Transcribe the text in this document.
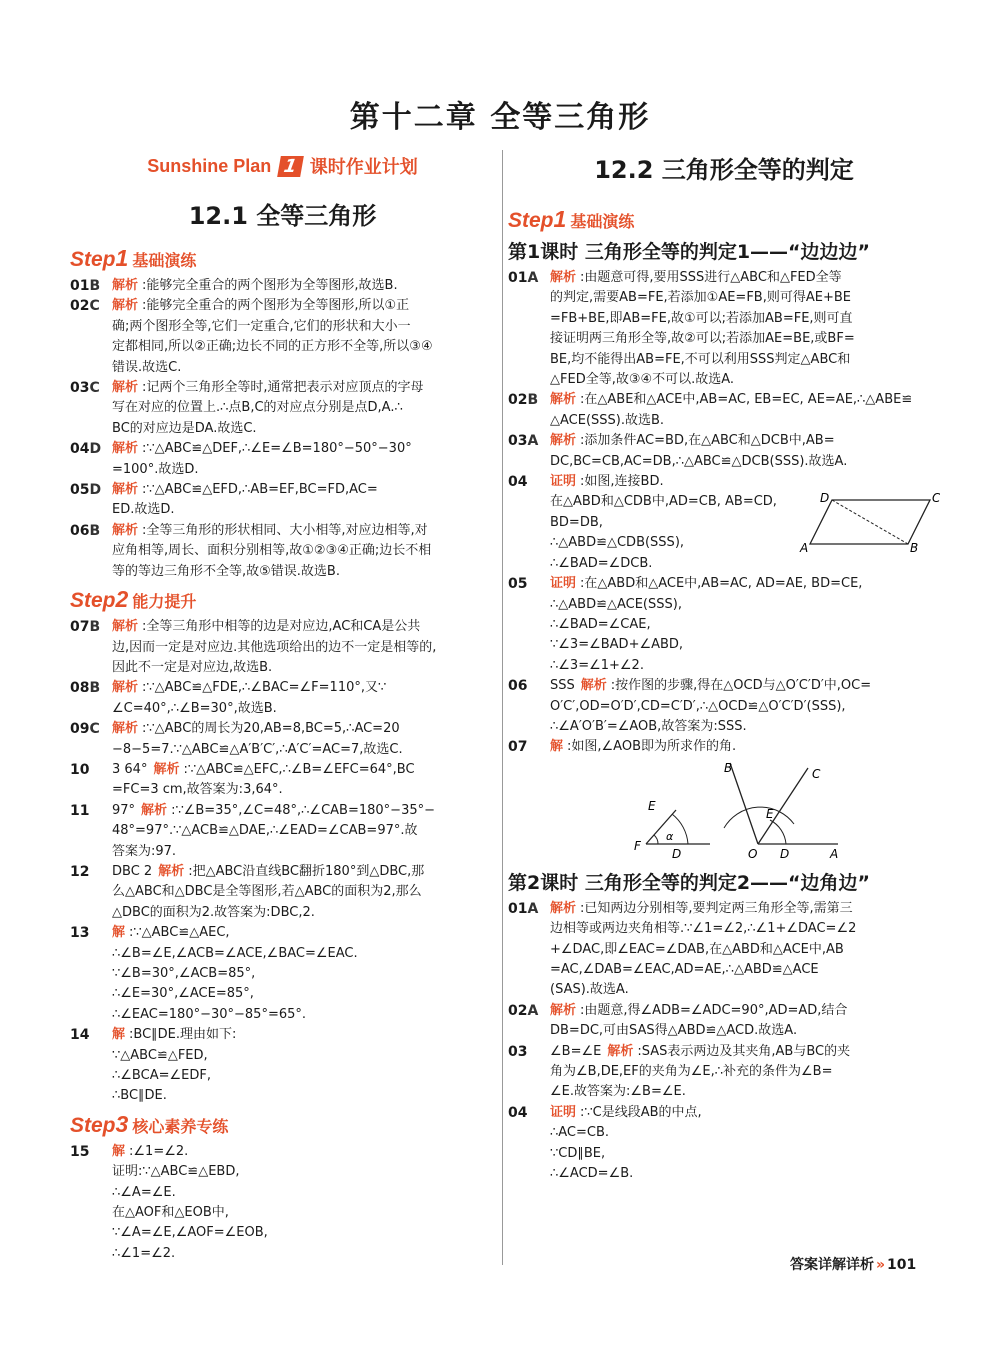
第十二章 全等三角形
Sunshine Plan 1 课时作业计划
12.1 全等三角形
Step 1 基础演练
01B 解析 :能够完全重合的两个图形为全等图形,故选B.
02C 解析 :能够完全重合的两个图形为全等图形,所以①正
确;两个图形全等,它们一定重合,它们的形状和大小一
定都相同,所以②正确;边长不同的正方形不全等,所以③④
错误.故选C.
03C 解析 :记两个三角形全等时,通常把表示对应顶点的字母
写在对应的位置上.∴点B,C的对应点分别是点D,A.∴
BC的对应边是DA.故选C.
04D 解析 :∵△ABC≌△DEF,∴∠E=∠B=180°−50°−30°
=100°.故选D.
05D 解析 :∵△ABC≌△EFD,∴AB=EF,BC=FD,AC=
ED.故选D.
06B 解析 :全等三角形的形状相同、大小相等,对应边相等,对
应角相等,周长、面积分别相等,故①②③④正确;边长不相
等的等边三角形不全等,故⑤错误.故选B.
Step 2 能力提升
07B 解析 :全等三角形中相等的边是对应边,AC和CA是公共
边,因而一定是对应边.其他选项给出的边不一定是相等的,
因此不一定是对应边,故选B.
08B 解析 :∵△ABC≌△FDE,∴∠BAC=∠F=110°,又∵
∠C=40°,∴∠B=30°,故选B.
09C 解析 :∵△ABC的周长为20,AB=8,BC=5,∴AC=20
−8−5=7.∵△ABC≌△A′B′C′,∴A′C′=AC=7,故选C.
10	3 64° 解析 :∵△ABC≌△EFC,∴∠B=∠EFC=64°,BC
=FC=3 cm,故答案为:3,64°.
11	97° 解析 :∵∠B=35°,∠C=48°,∴∠CAB=180°−35°−
48°=97°.∵△ACB≌△DAE,∴∠EAD=∠CAB=97°.故
答案为:97.
12	DBC 2 解析 :把△ABC沿直线BC翻折180°到△DBC,那
么△ABC和△DBC是全等图形,若△ABC的面积为2,那么
△DBC的面积为2.故答案为:DBC,2.
13	解 :∵△ABC≌△AEC,
∴∠B=∠E,∠ACB=∠ACE,∠BAC=∠EAC.
∵∠B=30°,∠ACB=85°,
∴∠E=30°,∠ACE=85°,
∴∠EAC=180°−30°−85°=65°.
14	解 :BC∥DE.理由如下:
∵△ABC≌△FED,
∴∠BCA=∠EDF,
∴BC∥DE.
Step 3 核心素养专练
15	解 :∠1=∠2.
证明:∵△ABC≌△EBD,
∴∠A=∠E.
在△AOF和△EOB中,
∵∠A=∠E,∠AOF=∠EOB,
∴∠1=∠2.
12.2 三角形全等的判定
Step 1 基础演练
第1课时 三角形全等的判定1——“边边边”
01A 解析 :由题意可得,要用SSS进行△ABC和△FED全等
的判定,需要AB=FE,若添加①AE=FB,则可得AE+BE
=FB+BE,即AB=FE,故①可以;若添加AB=FE,则可直
接证明两三角形全等,故②可以;若添加AE=BE,或BF=
BE,均不能得出AB=FE,不可以利用SSS判定△ABC和
△FED全等,故③④不可以.故选A.
02B 解析 :在△ABE和△ACE中,AB=AC, EB=EC, AE=AE,∴△ABE≌
△ACE(SSS).故选B.
03A 解析 :添加条件AC=BD,在△ABC和△DCB中,AB=
DC,BC=CB,AC=DB,∴△ABC≌△DCB(SSS).故选A.
04	证明 :如图,连接BD.
在△ABD和△CDB中,AD=CB, AB=CD, BD=DB,
∴△ABD≌△CDB(SSS),
∴∠BAD=∠DCB.
A	B
C
D
05	证明 :在△ABD和△ACE中,AB=AC, AD=AE, BD=CE,
∴△ABD≌△ACE(SSS),
∴∠BAD=∠CAE,
∵∠3=∠BAD+∠ABD,
∴∠3=∠1+∠2.
06	SSS 解析 :按作图的步骤,得在△OCD与△O′C′D′中,OC=
O′C′,OD=O′D′,CD=C′D′,∴△OCD≌△O′C′D′(SSS),
∴∠A′O′B′=∠AOB,故答案为:SSS.
07	解 :如图,∠AOB即为所求作的角.
E
F
D
α
B	C
E
O D	A
第2课时 三角形全等的判定2——“边角边”
01A 解析 :已知两边分别相等,要判定两三角形全等,需第三
边相等或两边夹角相等.∵∠1=∠2,∴∠1+∠DAC=∠2
+∠DAC,即∠EAC=∠DAB,在△ABD和△ACE中,AB
=AC,∠DAB=∠EAC,AD=AE,∴△ABD≌△ACE
(SAS).故选A.
02A 解析 :由题意,得∠ADB=∠ADC=90°,AD=AD,结合
DB=DC,可由SAS得△ABD≌△ACD.故选A.
03	∠B=∠E 解析 :SAS表示两边及其夹角,AB与BC的夹
角为∠B,DE,EF的夹角为∠E,∴补充的条件为∠B=
∠E.故答案为:∠B=∠E.
04	证明 :∵C是线段AB的中点,
∴AC=CB.
∵CD∥BE,
∴∠ACD=∠B.
答案详解详析 » 101
